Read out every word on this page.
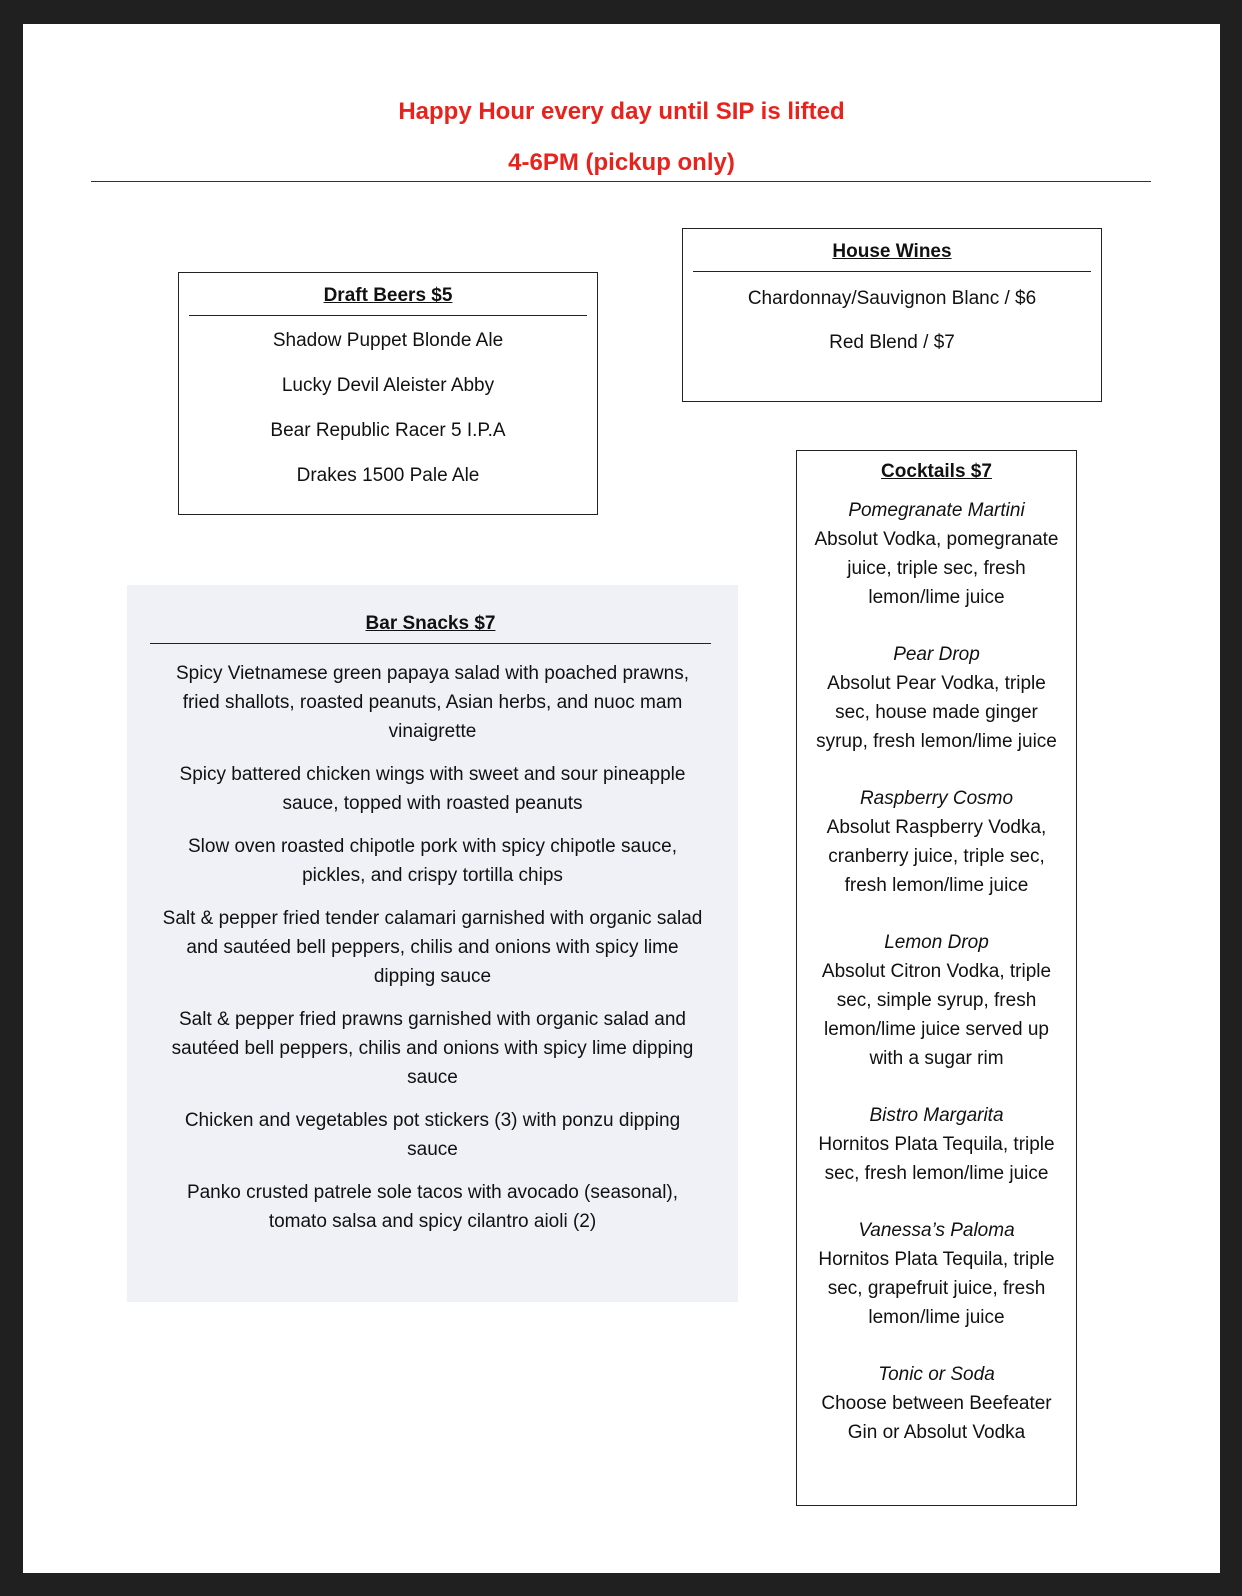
Happy Hour every day until SIP is lifted
4-6PM (pickup only)
Draft Beers $5
Shadow Puppet Blonde Ale
Lucky Devil Aleister Abby
Bear Republic Racer 5 I.P.A
Drakes 1500 Pale Ale
House Wines
Chardonnay/Sauvignon Blanc / $6
Red Blend / $7
Bar Snacks $7
Spicy Vietnamese green papaya salad with poached prawns,
fried shallots, roasted peanuts, Asian herbs, and nuoc mam
vinaigrette
Spicy battered chicken wings with sweet and sour pineapple
sauce, topped with roasted peanuts
Slow oven roasted chipotle pork with spicy chipotle sauce,
pickles, and crispy tortilla chips
Salt & pepper fried tender calamari garnished with organic salad
and sautéed bell peppers, chilis and onions with spicy lime
dipping sauce
Salt & pepper fried prawns garnished with organic salad and
sautéed bell peppers, chilis and onions with spicy lime dipping
sauce
Chicken and vegetables pot stickers (3) with ponzu dipping
sauce
Panko crusted patrele sole tacos with avocado (seasonal),
tomato salsa and spicy cilantro aioli (2)
Cocktails $7
Pomegranate Martini
Absolut Vodka, pomegranate
juice, triple sec, fresh
lemon/lime juice
Pear Drop
Absolut Pear Vodka, triple
sec, house made ginger
syrup, fresh lemon/lime juice
Raspberry Cosmo
Absolut Raspberry Vodka,
cranberry juice, triple sec,
fresh lemon/lime juice
Lemon Drop
Absolut Citron Vodka, triple
sec, simple syrup, fresh
lemon/lime juice served up
with a sugar rim
Bistro Margarita
Hornitos Plata Tequila, triple
sec, fresh lemon/lime juice
Vanessa’s Paloma
Hornitos Plata Tequila, triple
sec, grapefruit juice, fresh
lemon/lime juice
Tonic or Soda
Choose between Beefeater
Gin or Absolut Vodka
